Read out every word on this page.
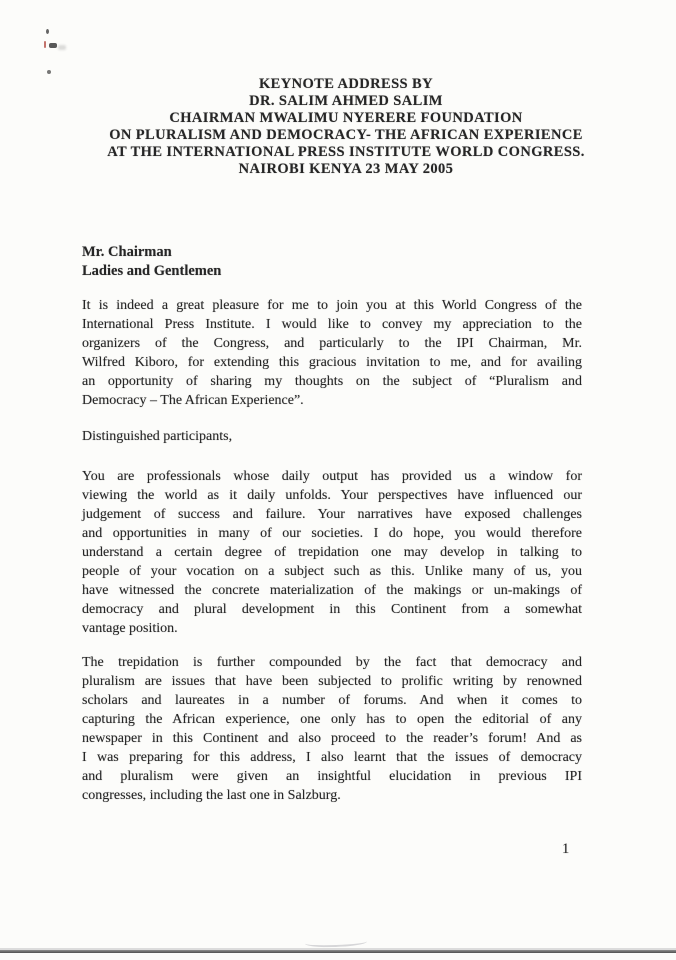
KEYNOTE ADDRESS BY
DR. SALIM AHMED SALIM
CHAIRMAN MWALIMU NYERERE FOUNDATION
ON PLURALISM AND DEMOCRACY- THE AFRICAN EXPERIENCE
AT THE INTERNATIONAL PRESS INSTITUTE WORLD CONGRESS.
NAIROBI KENYA 23 MAY 2005
Mr. Chairman
Ladies and Gentlemen
It is indeed a great pleasure for me to join you at this World Congress of the
International Press Institute. I would like to convey my appreciation to the
organizers of the Congress, and particularly to the IPI Chairman, Mr.
Wilfred Kiboro, for extending this gracious invitation to me, and for availing
an opportunity of sharing my thoughts on the subject of “Pluralism and
Democracy – The African Experience”.
Distinguished participants,
You are professionals whose daily output has provided us a window for
viewing the world as it daily unfolds. Your perspectives have influenced our
judgement of success and failure. Your narratives have exposed challenges
and opportunities in many of our societies. I do hope, you would therefore
understand a certain degree of trepidation one may develop in talking to
people of your vocation on a subject such as this. Unlike many of us, you
have witnessed the concrete materialization of the makings or un-makings of
democracy and plural development in this Continent from a somewhat
vantage position.
The trepidation is further compounded by the fact that democracy and
pluralism are issues that have been subjected to prolific writing by renowned
scholars and laureates in a number of forums. And when it comes to
capturing the African experience, one only has to open the editorial of any
newspaper in this Continent and also proceed to the reader’s forum! And as
I was preparing for this address, I also learnt that the issues of democracy
and pluralism were given an insightful elucidation in previous IPI
congresses, including the last one in Salzburg.
1
